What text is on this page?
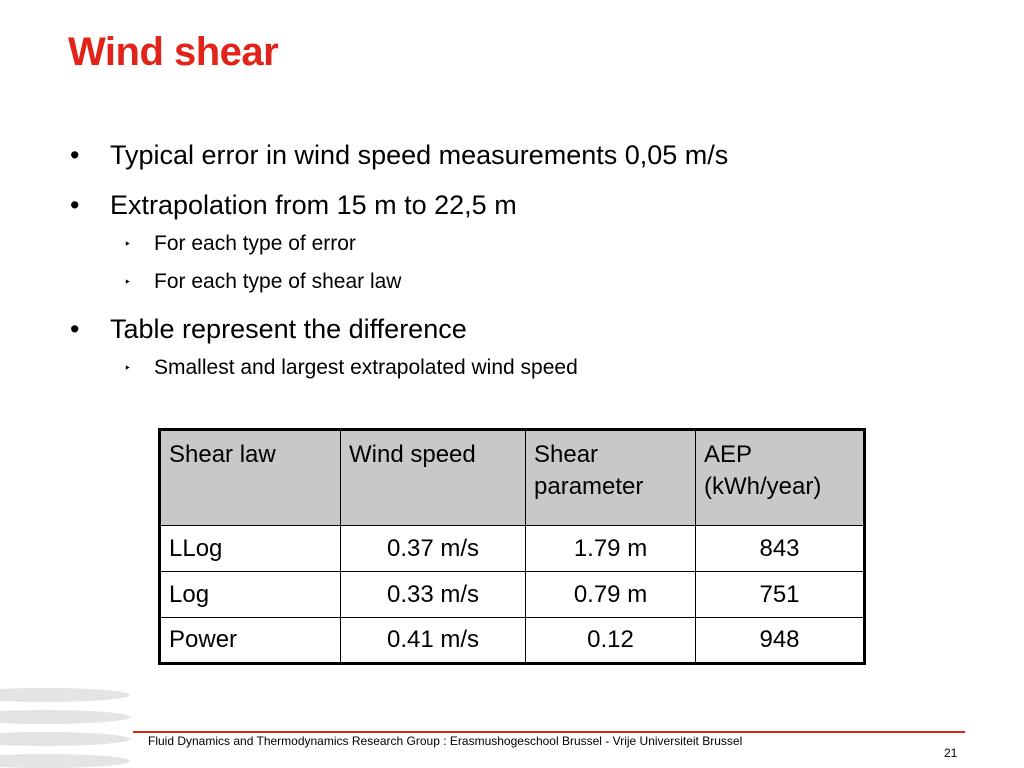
Wind shear
• Typical error in wind speed measurements 0,05 m/s
• Extrapolation from 15 m to 22,5 m
‣ For each type of error
‣ For each type of shear law
• Table represent the difference
‣ Smallest and largest extrapolated wind speed
Shear law	Wind speed	Shear parameter	AEP (kWh/year)
LLog	0.37 m/s	1.79 m	843
Log	0.33 m/s	0.79 m	751
Power	0.41 m/s	0.12	948
Fluid Dynamics and Thermodynamics Research Group : Erasmushogeschool Brussel - Vrije Universiteit Brussel
21
